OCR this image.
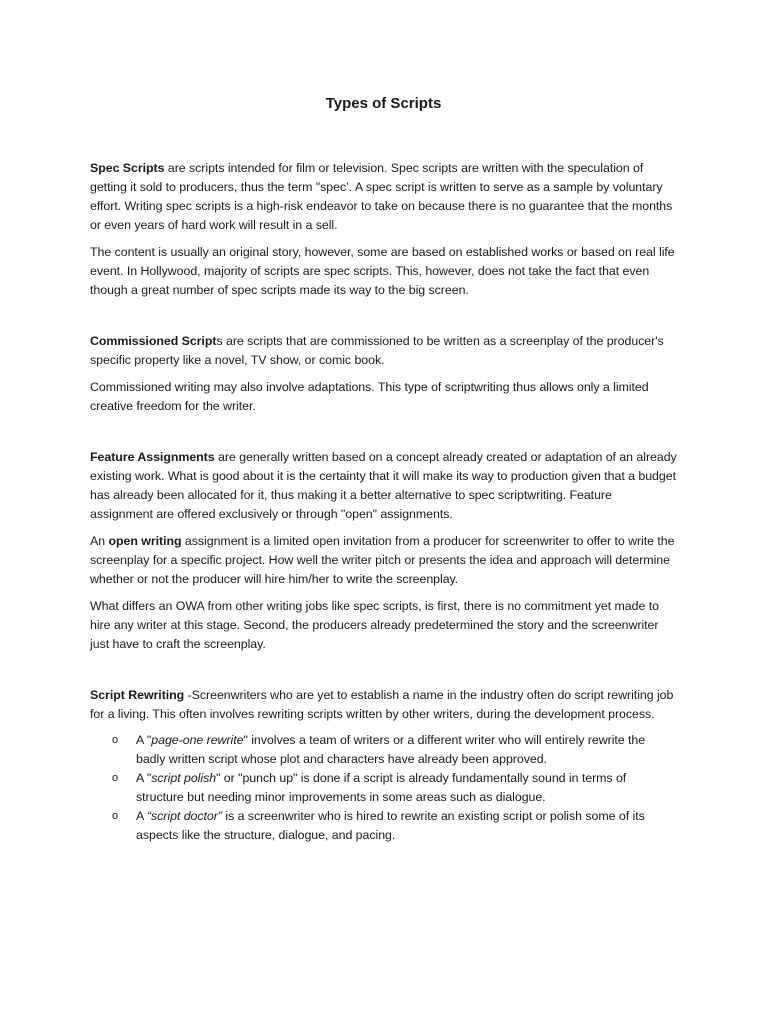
Types of Scripts

Spec Scripts are scripts intended for film or television. Spec scripts are written with the speculation of getting it sold to producers, thus the term "spec’. A spec script is written to serve as a sample by voluntary effort. Writing spec scripts is a high-risk endeavor to take on because there is no guarantee that the months or even years of hard work will result in a sell.

The content is usually an original story, however, some are based on established works or based on real life event. In Hollywood, majority of scripts are spec scripts. This, however, does not take the fact that even though a great number of spec scripts made its way to the big screen.

Commissioned Scripts are scripts that are commissioned to be written as a screenplay of the producer's specific property like a novel, TV show, or comic book.

Commissioned writing may also involve adaptations. This type of scriptwriting thus allows only a limited creative freedom for the writer.

Feature Assignments are generally written based on a concept already created or adaptation of an already existing work. What is good about it is the certainty that it will make its way to production given that a budget has already been allocated for it, thus making it a better alternative to spec scriptwriting. Feature assignment are offered exclusively or through "open" assignments.

An open writing assignment is a limited open invitation from a producer for screenwriter to offer to write the screenplay for a specific project. How well the writer pitch or presents the idea and approach will determine whether or not the producer will hire him/her to write the screenplay.

What differs an OWA from other writing jobs like spec scripts, is first, there is no commitment yet made to hire any writer at this stage. Second, the producers already predetermined the story and the screenwriter just have to craft the screenplay.

Script Rewriting -Screenwriters who are yet to establish a name in the industry often do script rewriting job for a living. This often involves rewriting scripts written by other writers, during the development process.

o A "page-one rewrite" involves a team of writers or a different writer who will entirely rewrite the badly written script whose plot and characters have already been approved.
o A "script polish" or "punch up" is done if a script is already fundamentally sound in terms of structure but needing minor improvements in some areas such as dialogue.
o A “script doctor” is a screenwriter who is hired to rewrite an existing script or polish some of its aspects like the structure, dialogue, and pacing.
